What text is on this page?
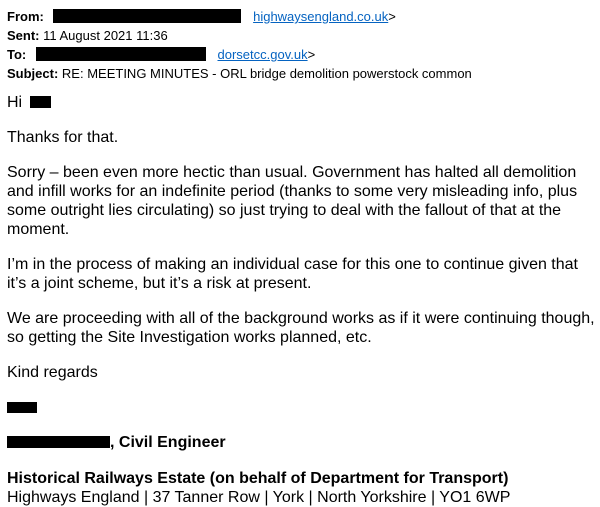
From:	highwaysengland.co.uk>
Sent: 11 August 2021 11:36
To:	dorsetcc.gov.uk>
Subject: RE: MEETING MINUTES - ORL bridge demolition powerstock common
Hi
Thanks for that.
Sorry – been even more hectic than usual. Government has halted all demolition and infill works for an indefinite period (thanks to some very misleading info, plus some outright lies circulating) so just trying to deal with the fallout of that at the moment.
I’m in the process of making an individual case for this one to continue given that it’s a joint scheme, but it’s a risk at present.
We are proceeding with all of the background works as if it were continuing though, so getting the Site Investigation works planned, etc.
Kind regards
, Civil Engineer
Historical Railways Estate (on behalf of Department for Transport)
Highways England | 37 Tanner Row | York | North Yorkshire | YO1 6WP
